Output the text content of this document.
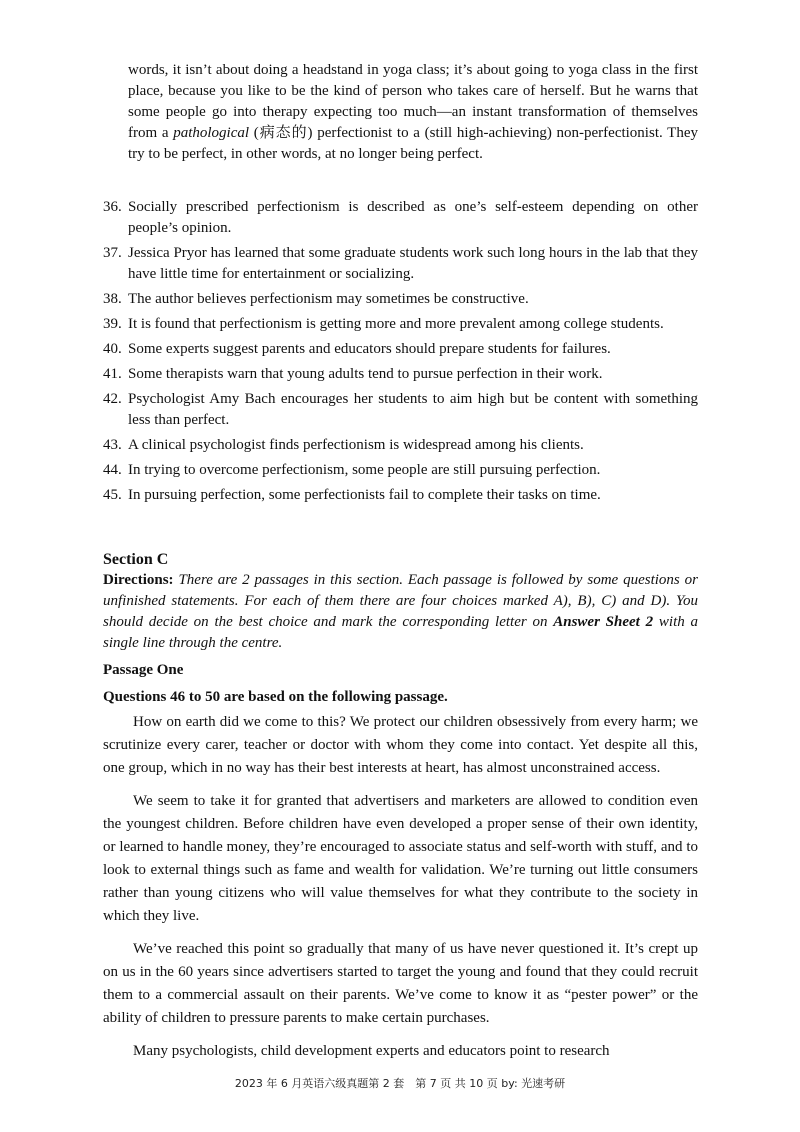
words, it isn’t about doing a headstand in yoga class; it’s about going to yoga class in the first place, because you like to be the kind of person who takes care of herself. But he warns that some people go into therapy expecting too much—an instant transformation of themselves from a pathological (病态的) perfectionist to a (still high-achieving) non-perfectionist. They try to be perfect, in other words, at no longer being perfect.

36. Socially prescribed perfectionism is described as one’s self-esteem depending on other people’s opinion.
37. Jessica Pryor has learned that some graduate students work such long hours in the lab that they have little time for entertainment or socializing.
38. The author believes perfectionism may sometimes be constructive.
39. It is found that perfectionism is getting more and more prevalent among college students.
40. Some experts suggest parents and educators should prepare students for failures.
41. Some therapists warn that young adults tend to pursue perfection in their work.
42. Psychologist Amy Bach encourages her students to aim high but be content with something less than perfect.
43. A clinical psychologist finds perfectionism is widespread among his clients.
44. In trying to overcome perfectionism, some people are still pursuing perfection.
45. In pursuing perfection, some perfectionists fail to complete their tasks on time.

Section C

Directions: There are 2 passages in this section. Each passage is followed by some questions or unfinished statements. For each of them there are four choices marked A), B), C) and D). You should decide on the best choice and mark the corresponding letter on Answer Sheet 2 with a single line through the centre.

Passage One

Questions 46 to 50 are based on the following passage.

How on earth did we come to this? We protect our children obsessively from every harm; we scrutinize every carer, teacher or doctor with whom they come into contact. Yet despite all this, one group, which in no way has their best interests at heart, has almost unconstrained access.

We seem to take it for granted that advertisers and marketers are allowed to condition even the youngest children. Before children have even developed a proper sense of their own identity, or learned to handle money, they’re encouraged to associate status and self-worth with stuff, and to look to external things such as fame and wealth for validation. We’re turning out little consumers rather than young citizens who will value themselves for what they contribute to the society in which they live.

We’ve reached this point so gradually that many of us have never questioned it. It’s crept up on us in the 60 years since advertisers started to target the young and found that they could recruit them to a commercial assault on their parents. We’ve come to know it as “pester power” or the ability of children to pressure parents to make certain purchases.

Many psychologists, child development experts and educators point to research

2023 年 6 月英语六级真题第 2 套　第 7 页 共 10 页 by: 光速考研
